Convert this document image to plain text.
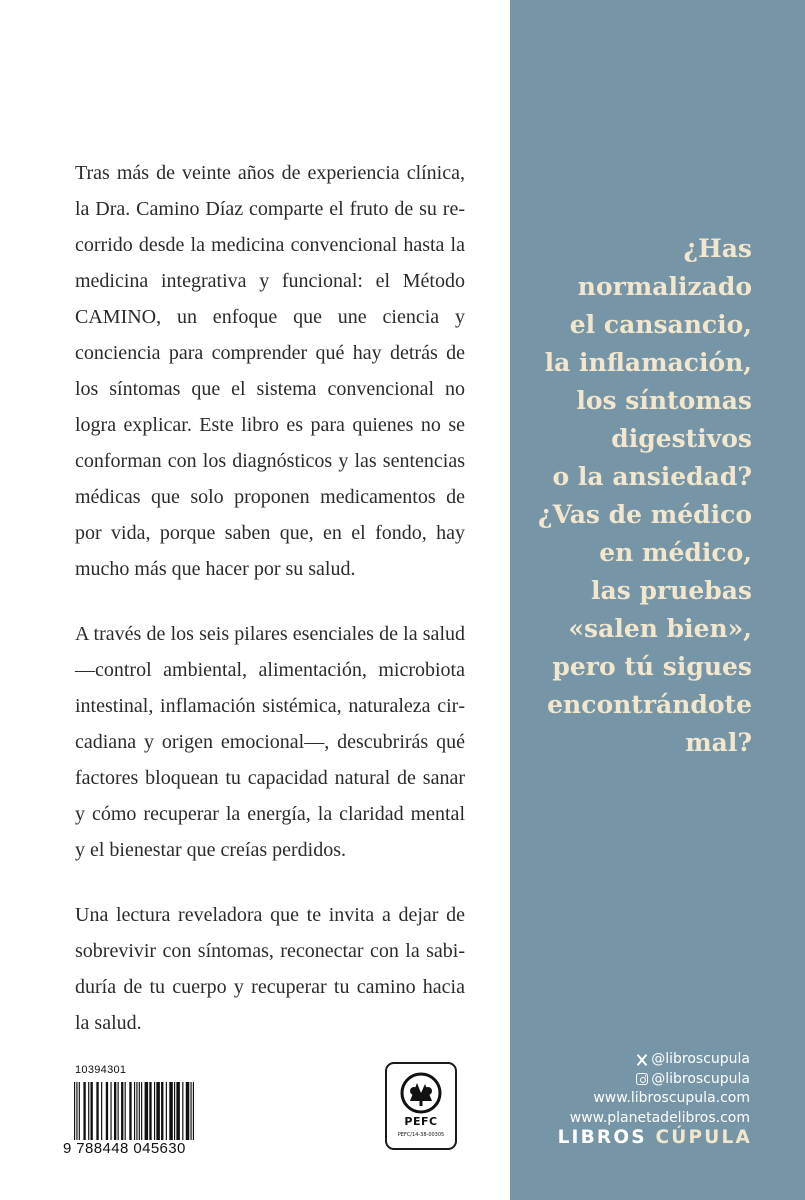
Tras más de veinte años de experiencia clínica, la Dra. Camino Díaz comparte el fruto de su recorrido desde la medicina convencional hasta la medicina integrativa y funcional: el Método CAMINO, un enfoque que une ciencia y conciencia para comprender qué hay detrás de los síntomas que el sistema convencional no logra explicar. Este libro es para quienes no se conforman con los diagnósticos y las sentencias médicas que solo proponen medicamentos de por vida, porque saben que, en el fondo, hay mucho más que hacer por su salud.

A través de los seis pilares esenciales de la salud —control ambiental, alimentación, microbiota intestinal, inflamación sistémica, naturaleza circadiana y origen emocional—, descubrirás qué factores bloquean tu capacidad natural de sanar y cómo recuperar la energía, la claridad mental y el bienestar que creías perdidos.

Una lectura reveladora que te invita a dejar de sobrevivir con síntomas, reconectar con la sabiduría de tu cuerpo y recuperar tu camino hacia la salud.

10394301
9 788448 045630
PEFC
PEFC/14-38-00305
¿Has
normalizado
el cansancio,
la inflamación,
los síntomas
digestivos
o la ansiedad?
¿Vas de médico
en médico,
las pruebas
«salen bien»,
pero tú sigues
encontrándote
mal?
@libroscupula
@libroscupula
www.libroscupula.com
www.planetadelibros.com
LIBROS CÚPULA
